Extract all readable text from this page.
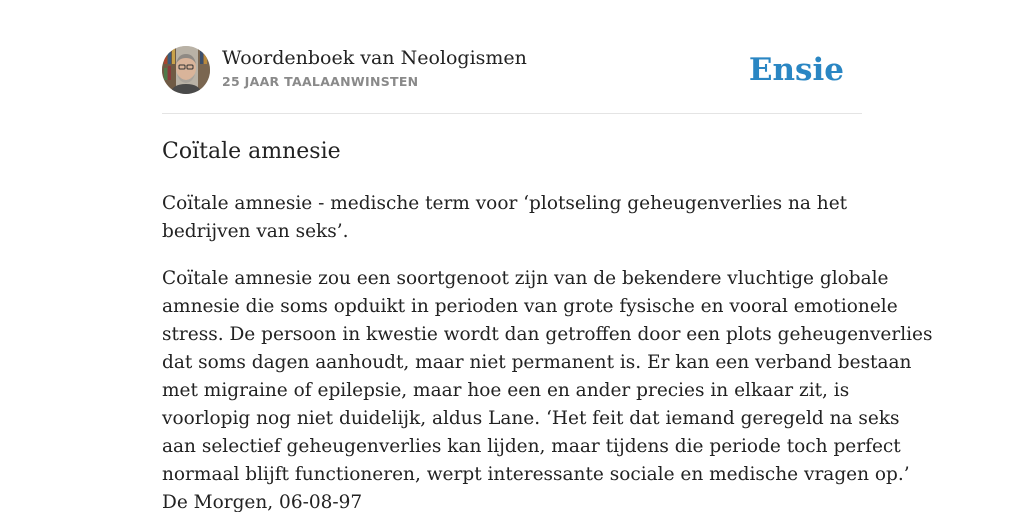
Woordenboek van Neologismen
25 JAAR TAALAANWINSTEN	Ensie
Coïtale amnesie

Coïtale amnesie - medische term voor ‘plotseling geheugenverlies na het
bedrijven van seks’.

Coïtale amnesie zou een soortgenoot zijn van de bekendere vluchtige globale
amnesie die soms opduikt in perioden van grote fysische en vooral emotionele
stress. De persoon in kwestie wordt dan getroffen door een plots geheugenverlies
dat soms dagen aanhoudt, maar niet permanent is. Er kan een verband bestaan
met migraine of epilepsie, maar hoe een en ander precies in elkaar zit, is
voorlopig nog niet duidelijk, aldus Lane. ‘Het feit dat iemand geregeld na seks
aan selectief geheugenverlies kan lijden, maar tijdens die periode toch perfect
normaal blijft functioneren, werpt interessante sociale en medische vragen op.’
De Morgen, 06-08-97
